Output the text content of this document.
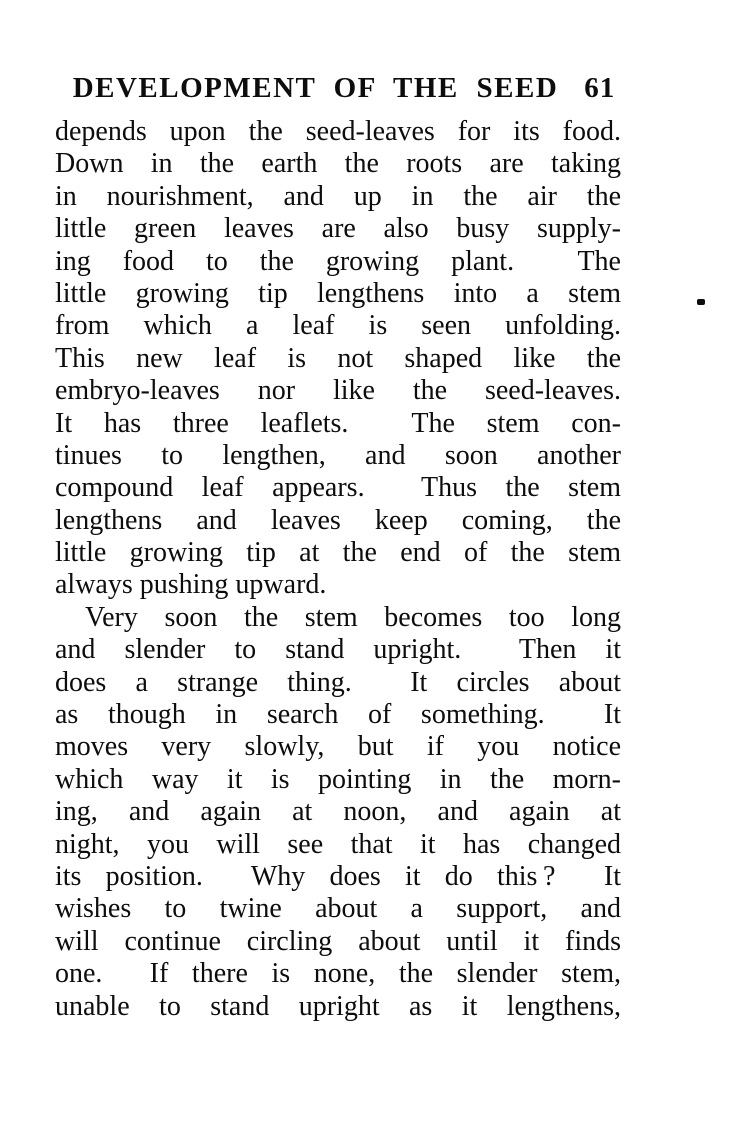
DEVELOPMENT OF THE SEED 61
depends upon the seed-leaves for its food.
Down in the earth the roots are taking
in nourishment, and up in the air the
little green leaves are also busy supply-
ing food to the growing plant.  The
little growing tip lengthens into a stem
from which a leaf is seen unfolding.
This new leaf is not shaped like the
embryo-leaves nor like the seed-leaves.
It has three leaflets.  The stem con-
tinues to lengthen, and soon another
compound leaf appears.  Thus the stem
lengthens and leaves keep coming, the
little growing tip at the end of the stem
always pushing upward.
Very soon the stem becomes too long
and slender to stand upright.  Then it
does a strange thing.  It circles about
as though in search of something.  It
moves very slowly, but if you notice
which way it is pointing in the morn-
ing, and again at noon, and again at
night, you will see that it has changed
its position.  Why does it do this ?  It
wishes to twine about a support, and
will continue circling about until it finds
one.  If there is none, the slender stem,
unable to stand upright as it lengthens,
